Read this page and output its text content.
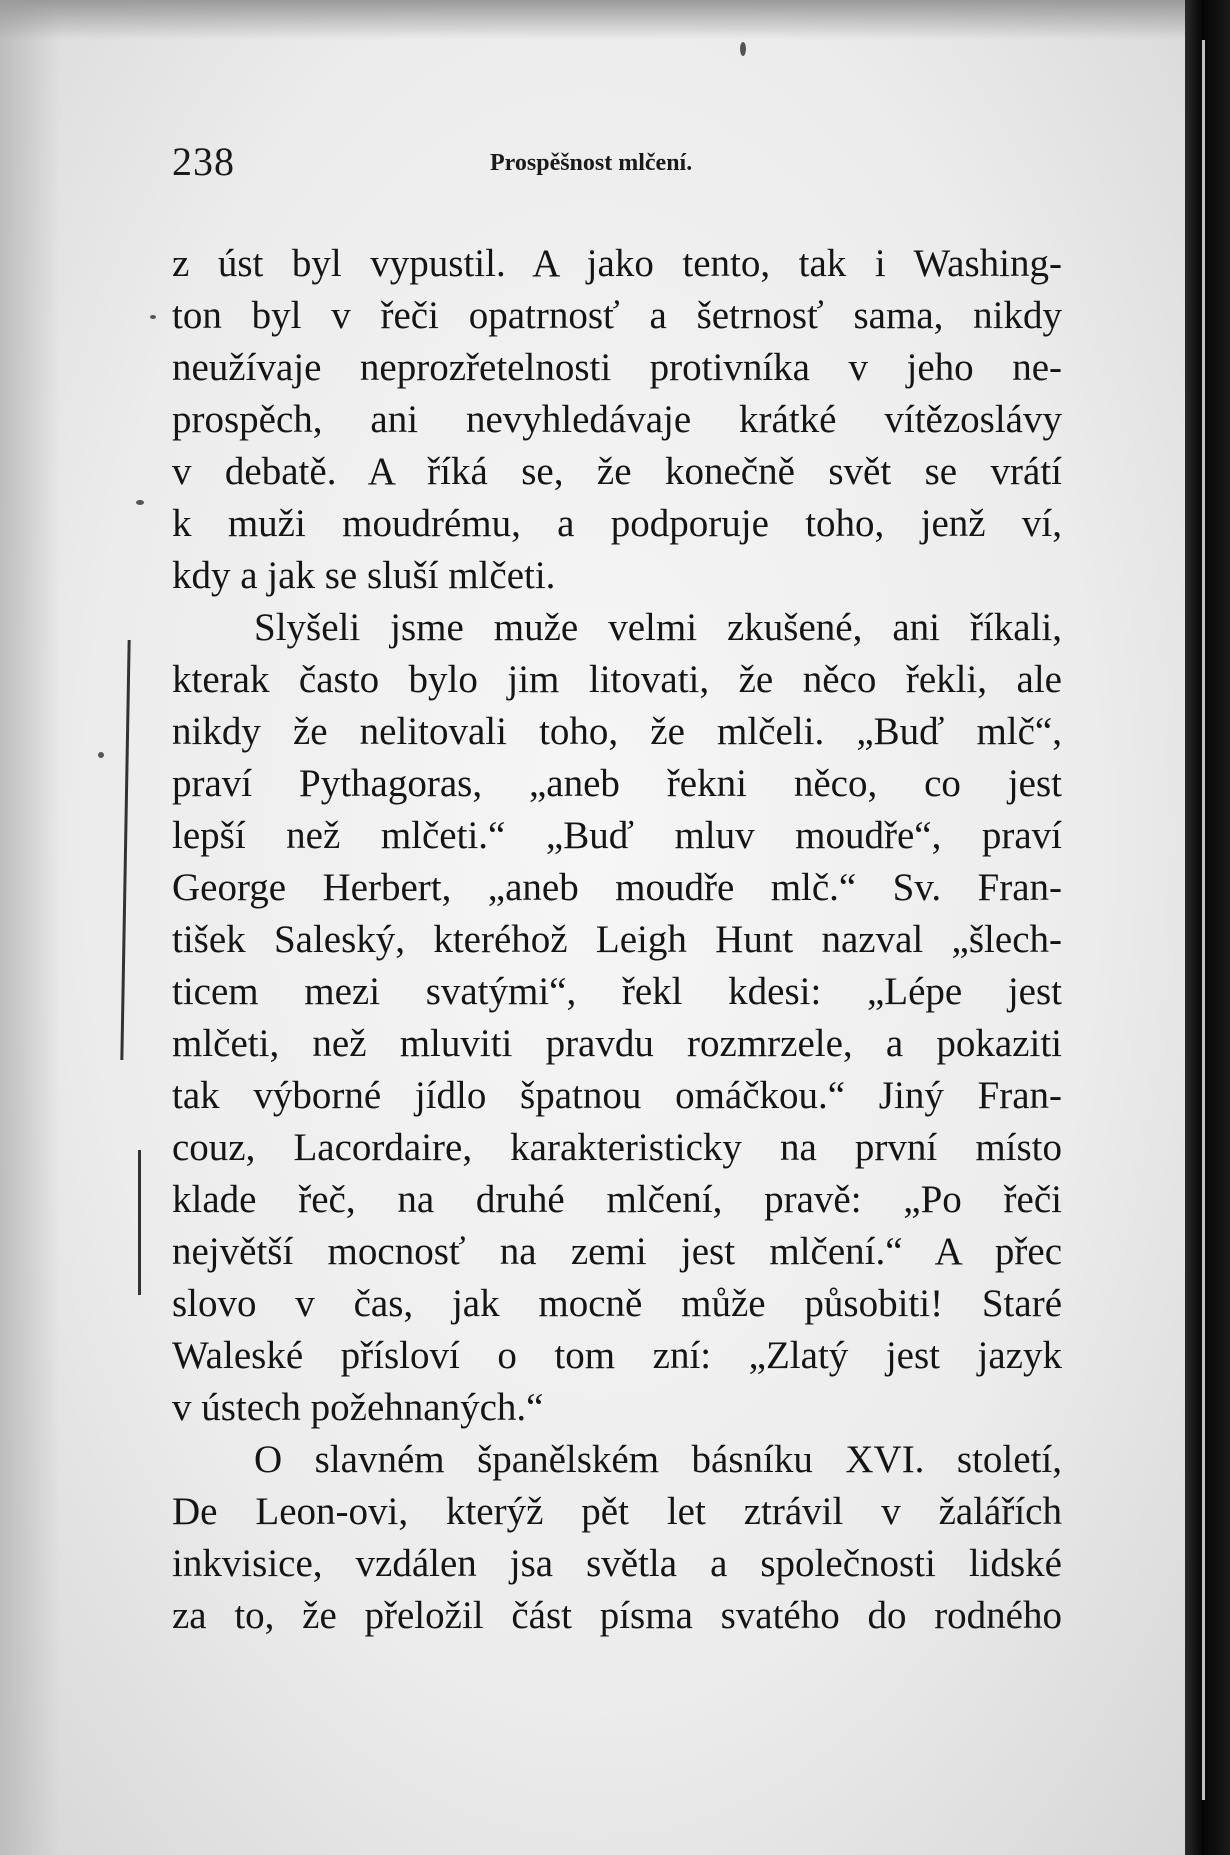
238	Prospěšnost mlčení.
z úst byl vypustil. A jako tento, tak i Washing-
ton byl v řeči opatrnosť a šetrnosť sama, nikdy
neužívaje neprozřetelnosti protivníka v jeho ne-
prospěch, ani nevyhledávaje krátké vítězoslávy
v debatě. A říká se, že konečně svět se vrátí
k muži moudrému, a podporuje toho, jenž ví,
kdy a jak se sluší mlčeti.
Slyšeli jsme muže velmi zkušené, ani říkali,
kterak často bylo jim litovati, že něco řekli, ale
nikdy že nelitovali toho, že mlčeli. „Buď mlč“,
praví Pythagoras, „aneb řekni něco, co jest
lepší než mlčeti.“ „Buď mluv moudře“, praví
George Herbert, „aneb moudře mlč.“ Sv. Fran-
tišek Saleský, kteréhož Leigh Hunt nazval „šlech-
ticem mezi svatými“, řekl kdesi: „Lépe jest
mlčeti, než mluviti pravdu rozmrzele, a pokaziti
tak výborné jídlo špatnou omáčkou.“ Jiný Fran-
couz, Lacordaire, karakteristicky na první místo
klade řeč, na druhé mlčení, pravě: „Po řeči
největší mocnosť na zemi jest mlčení.“ A přec
slovo v čas, jak mocně může působiti! Staré
Waleské přísloví o tom zní: „Zlatý jest jazyk
v ústech požehnaných.“
O slavném španělském básníku XVI. století,
De Leon-ovi, kterýž pět let ztrávil v žalářích
inkvisice, vzdálen jsa světla a společnosti lidské
za to, že přeložil část písma svatého do rodného
